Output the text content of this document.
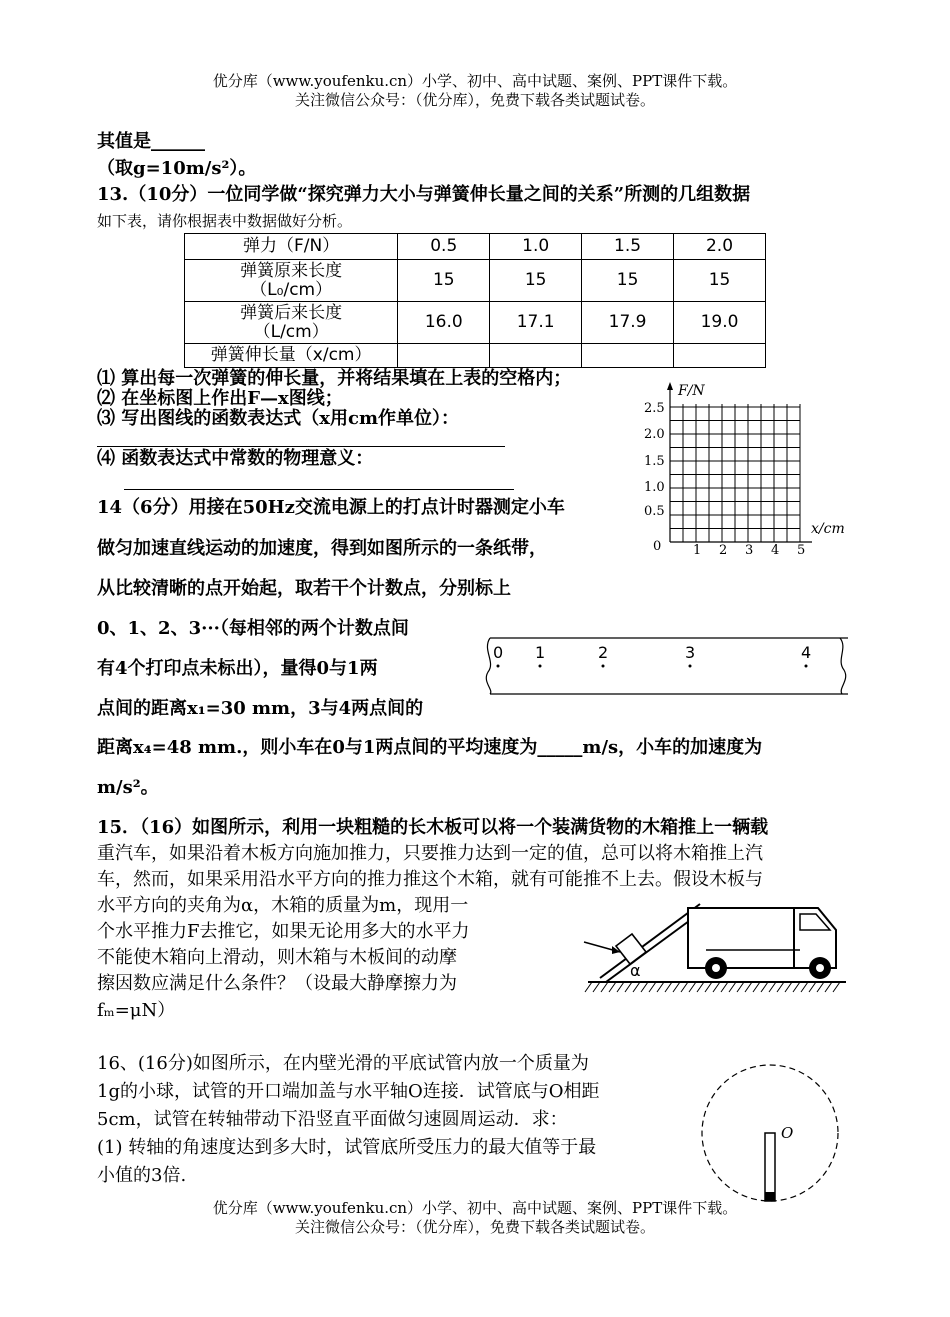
优分库（www.youfenku.cn）小学、初中、高中试题、案例、PPT课件下载。
关注微信公众号：（优分库），免费下载各类试题试卷。
其值是______
（取g=10m/s²）。
13.（10分）一位同学做“探究弹力大小与弹簧伸长量之间的关系”所测的几组数据
如下表，请你根据表中数据做好分析。
弹力（F/N）	0.5	1.0	1.5	2.0
弹簧原来长度（L₀/cm）	15	15	15	15
弹簧后来长度（L/cm）	16.0	17.1	17.9	19.0
弹簧伸长量（x/cm）				
⑴ 算出每一次弹簧的伸长量，并将结果填在上表的空格内；
⑵ 在坐标图上作出F—x图线；
⑶ 写出图线的函数表达式（x用cm作单位）：
⑷ 函数表达式中常数的物理意义：
F/N
x/cm
0
0.5
1.0
1.5
2.0
2.5
1 2 3 4 5
14（6分）用接在50Hz交流电源上的打点计时器测定小车
做匀加速直线运动的加速度，得到如图所示的一条纸带，
从比较清晰的点开始起，取若干个计数点，分别标上
0、1、2、3···（每相邻的两个计数点间
有4个打印点未标出），量得0与1两
点间的距离x₁=30 mm，3与4两点间的
距离x₄=48 mm.，则小车在0与1两点间的平均速度为_____m/s，小车的加速度为
m/s²。
0 1	2	3	4
15．（16）如图所示，利用一块粗糙的长木板可以将一个装满货物的木箱推上一辆载
重汽车，如果沿着木板方向施加推力，只要推力达到一定的值，总可以将木箱推上汽
车，然而，如果采用沿水平方向的推力推这个木箱，就有可能推不上去。假设木板与
水平方向的夹角为α，木箱的质量为m，现用一
个水平推力F去推它，如果无论用多大的水平力
不能使木箱向上滑动，则木箱与木板间的动摩
擦因数应满足什么条件？（设最大静摩擦力为
fₘ=μN）
α
16、(16分)如图所示，在内壁光滑的平底试管内放一个质量为
1g的小球，试管的开口端加盖与水平轴O连接．试管底与O相距
5cm，试管在转轴带动下沿竖直平面做匀速圆周运动．求：
(1) 转轴的角速度达到多大时，试管底所受压力的最大值等于最
小值的3倍.
O
优分库（www.youfenku.cn）小学、初中、高中试题、案例、PPT课件下载。
关注微信公众号：（优分库），免费下载各类试题试卷。
